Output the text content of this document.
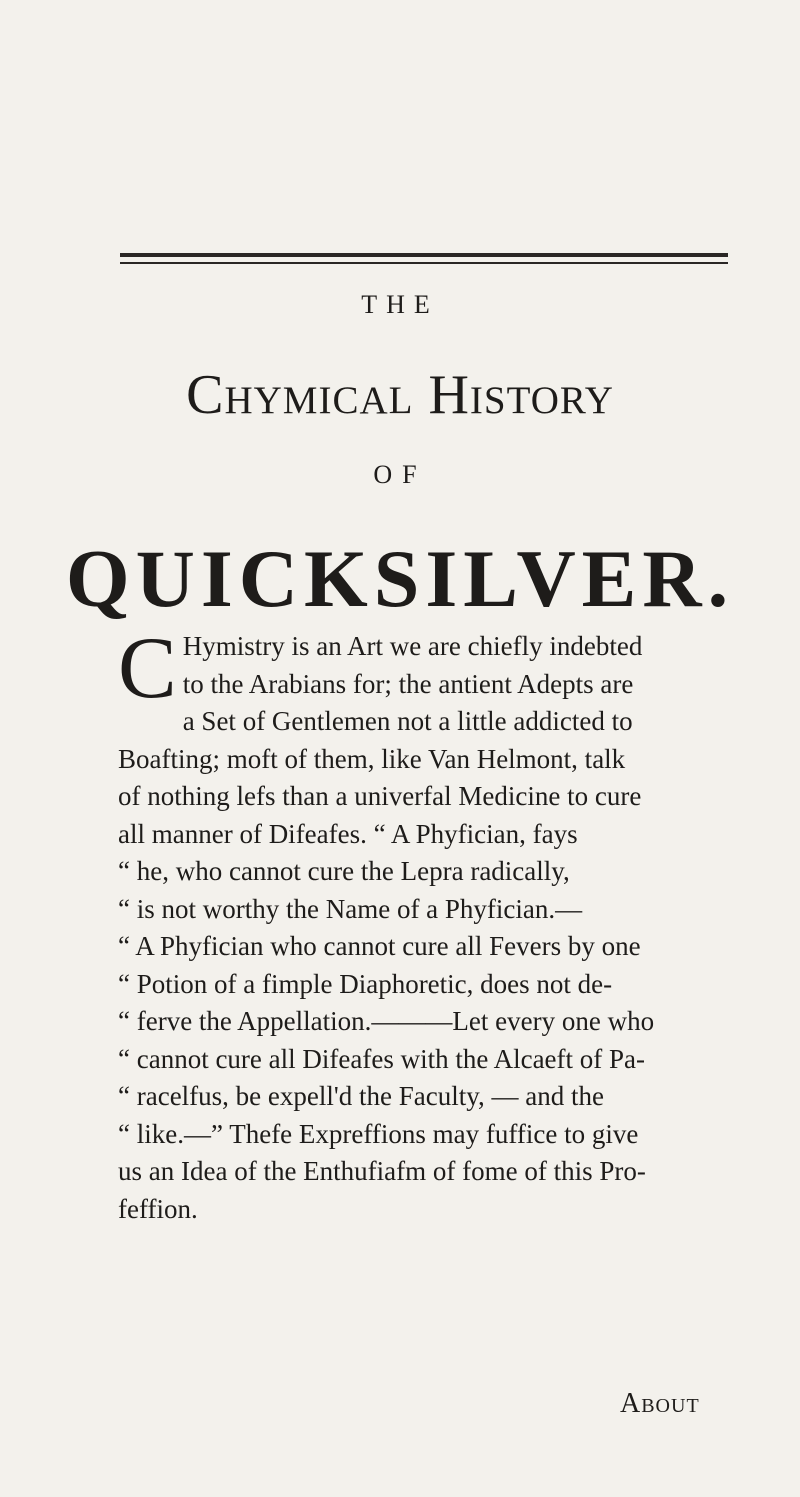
THE
Chymical History
OF
QUICKSILVER.
C Hymistry is an Art we are chiefly indebted
to the Arabians for; the antient Adepts are
a Set of Gentlemen not a little addicted to
Boafting; moft of them, like Van Helmont, talk
of nothing lefs than a univerfal Medicine to cure
all manner of Difeafes. “ A Phyfician, fays
“ he, who cannot cure the Lepra radically,
“ is not worthy the Name of a Phyfician.—
“ A Phyfician who cannot cure all Fevers by one
“ Potion of a fimple Diaphoretic, does not de-
“ ferve the Appellation.———Let every one who
“ cannot cure all Difeafes with the Alcaeft of Pa-
“ racelfus, be expell'd the Faculty, — and the
“ like.—” Thefe Expreffions may fuffice to give
us an Idea of the Enthufiafm of fome of this Pro-
feffion.
About
